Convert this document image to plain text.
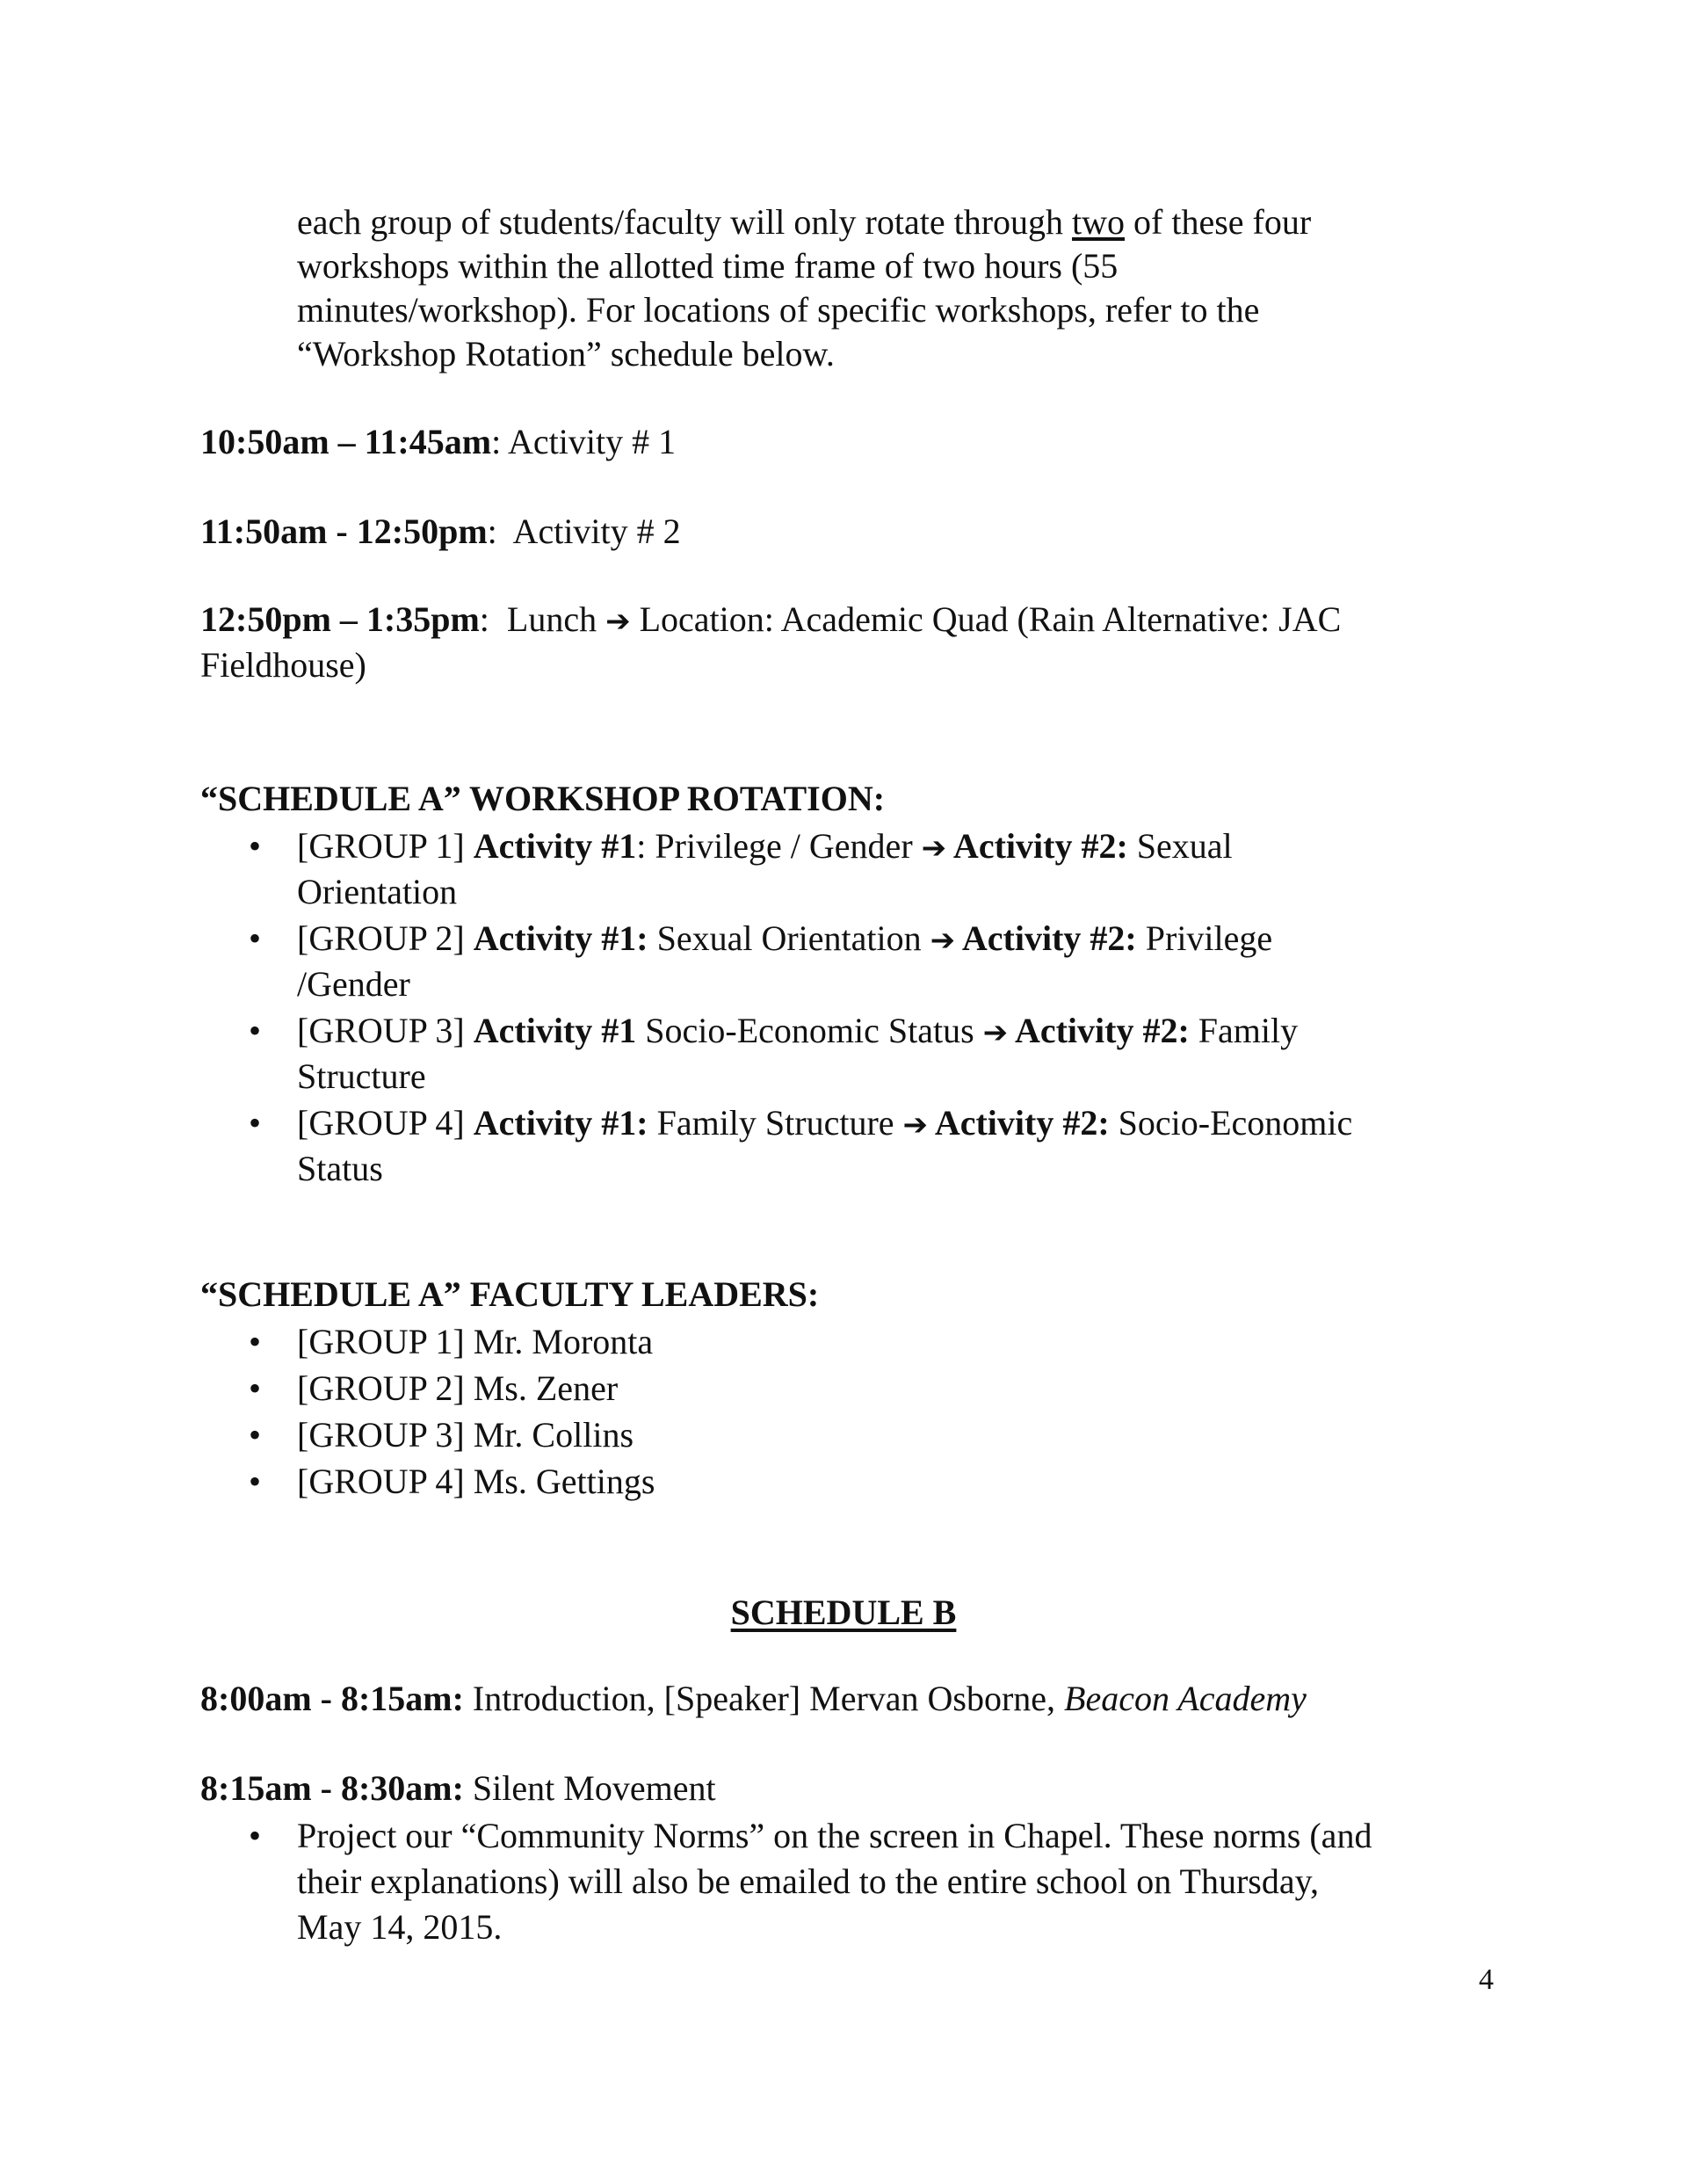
each group of students/faculty will only rotate through two of these four
workshops within the allotted time frame of two hours (55
minutes/workshop). For locations of specific workshops, refer to the
“Workshop Rotation” schedule below.
10:50am – 11:45am: Activity # 1
11:50am - 12:50pm:  Activity # 2
12:50pm – 1:35pm:  Lunch ➔ Location: Academic Quad (Rain Alternative: JAC
Fieldhouse)
“SCHEDULE A” WORKSHOP ROTATION:
• [GROUP 1] Activity #1: Privilege / Gender ➔ Activity #2: Sexual
Orientation
• [GROUP 2] Activity #1: Sexual Orientation ➔ Activity #2: Privilege
/Gender
• [GROUP 3] Activity #1 Socio-Economic Status ➔ Activity #2: Family
Structure
• [GROUP 4] Activity #1: Family Structure ➔ Activity #2: Socio-Economic
Status
“SCHEDULE A” FACULTY LEADERS:
• [GROUP 1] Mr. Moronta
• [GROUP 2] Ms. Zener
• [GROUP 3] Mr. Collins
• [GROUP 4] Ms. Gettings
SCHEDULE B
8:00am - 8:15am: Introduction, [Speaker] Mervan Osborne, Beacon Academy
8:15am - 8:30am: Silent Movement
• Project our “Community Norms” on the screen in Chapel. These norms (and
their explanations) will also be emailed to the entire school on Thursday,
May 14, 2015.
4
